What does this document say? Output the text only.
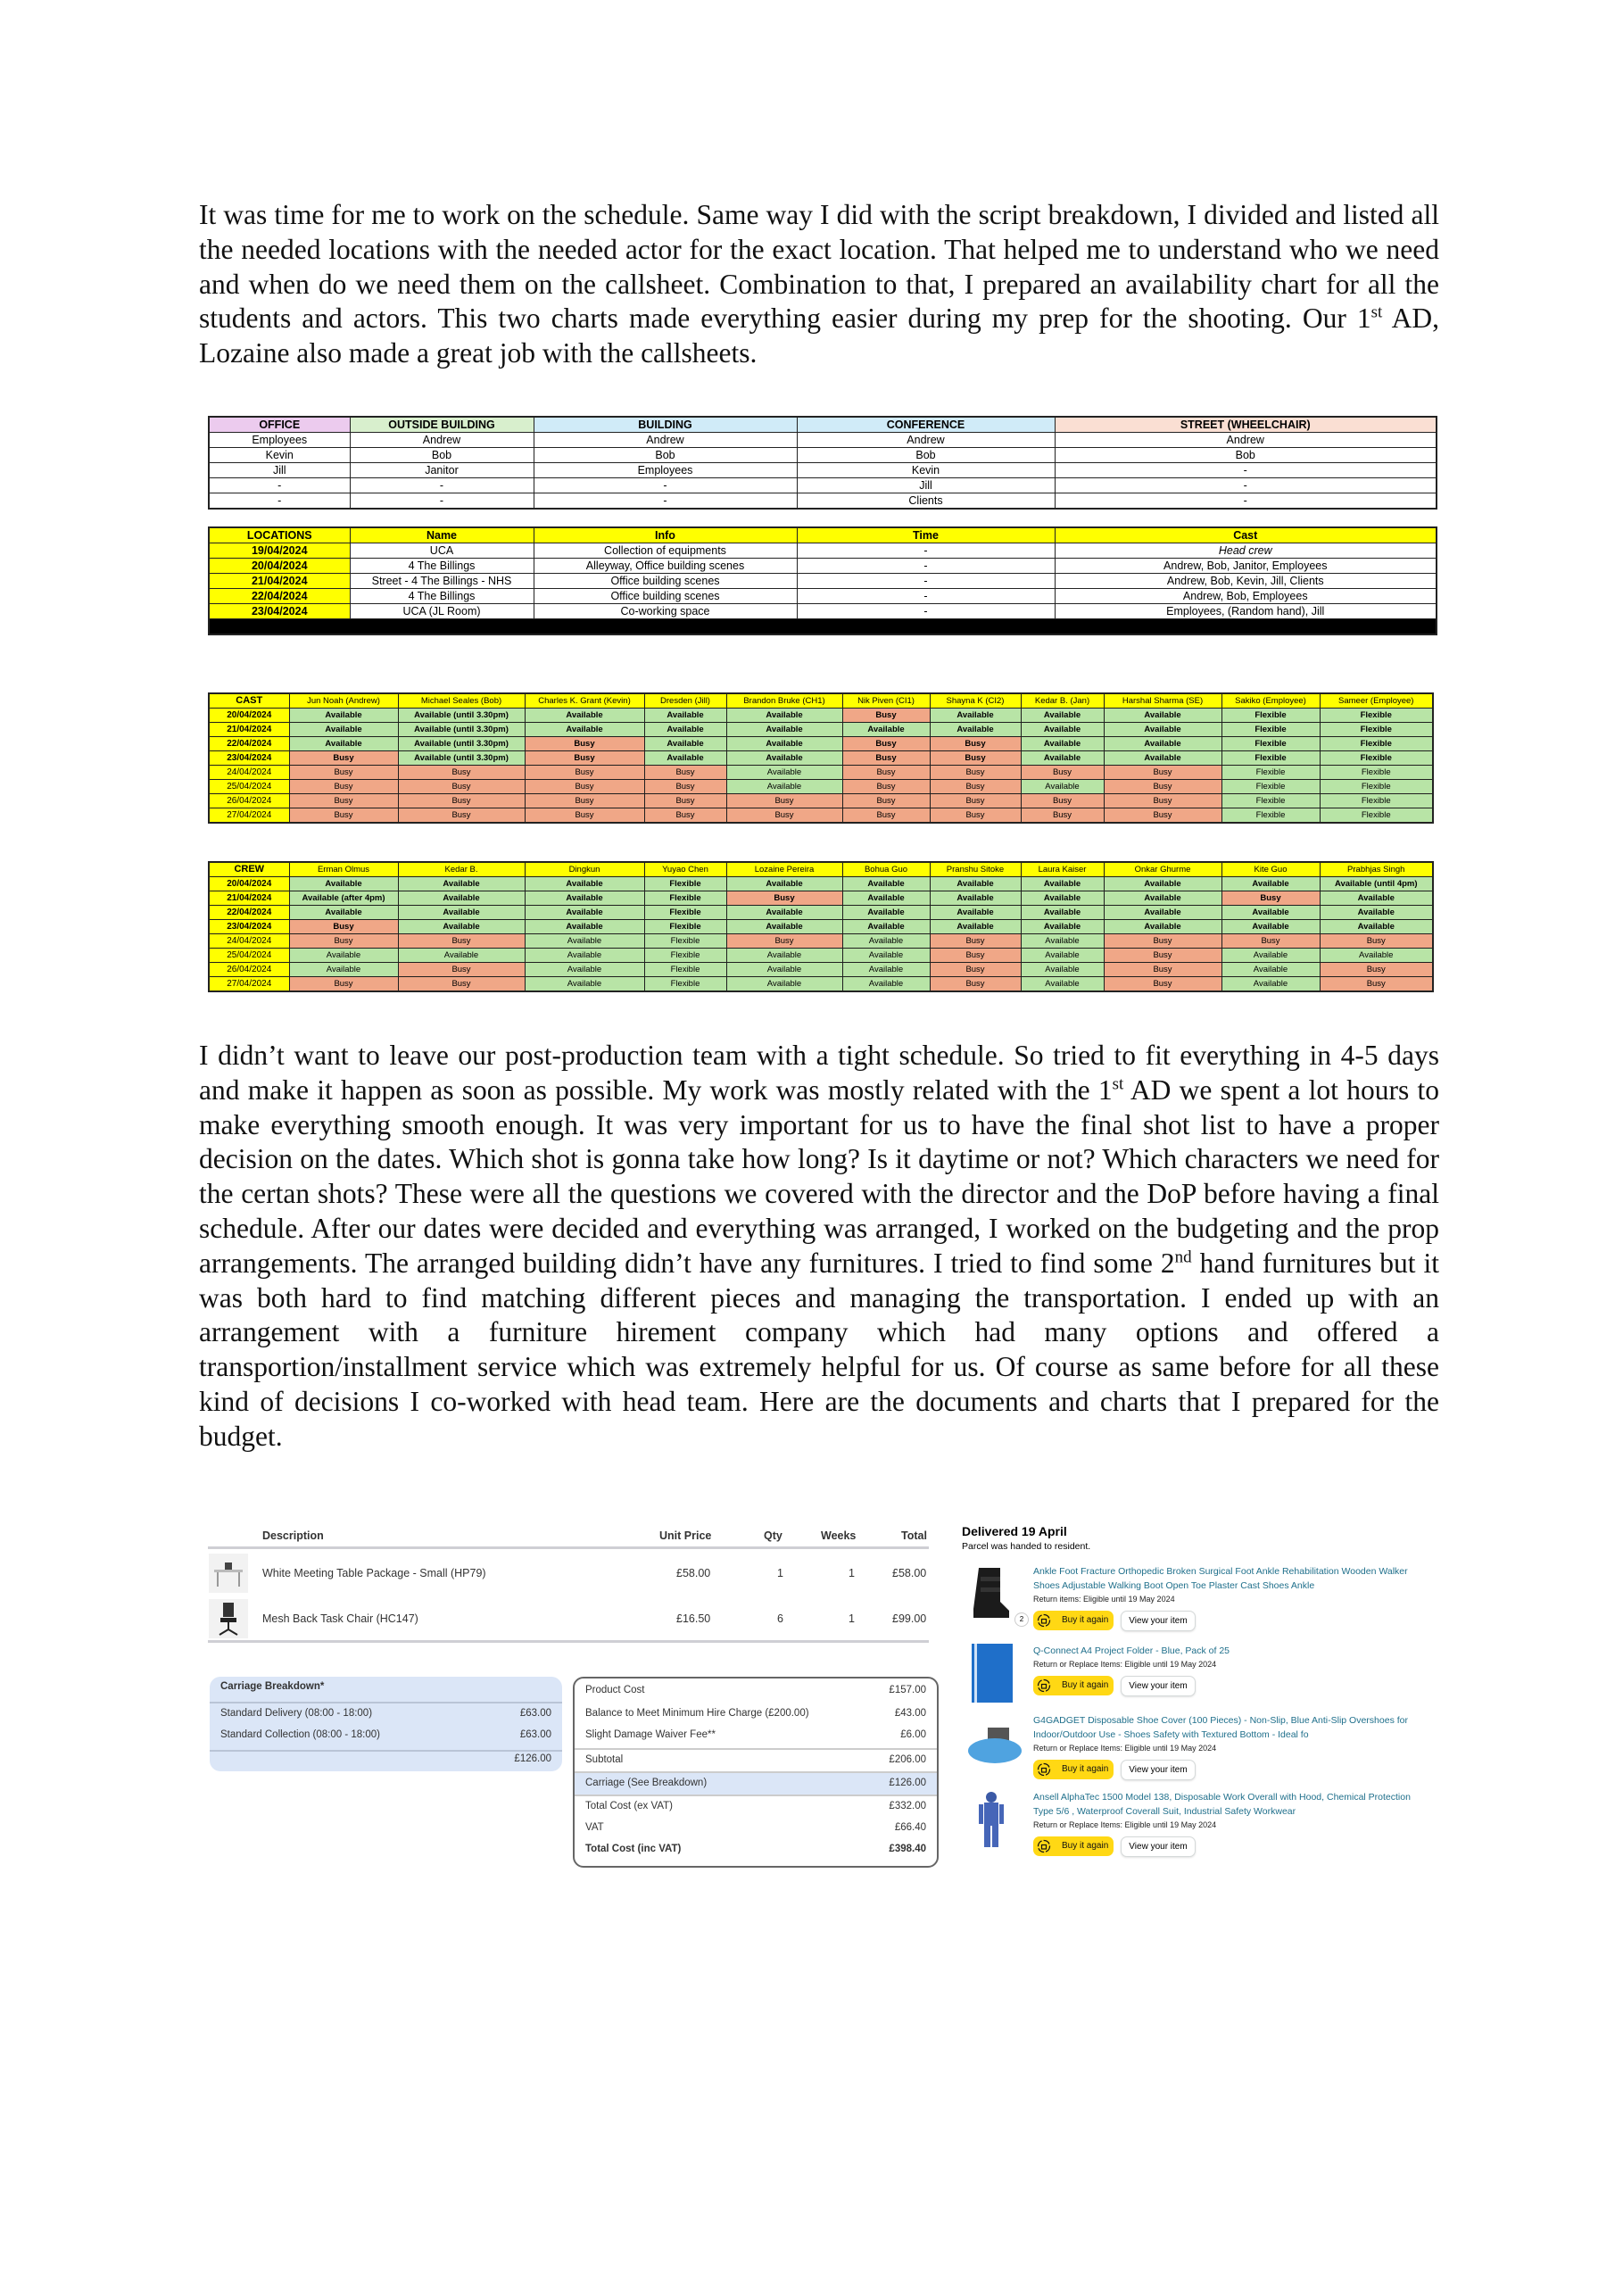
It was time for me to work on the schedule. Same way I did with the script breakdown, I divided and listed all the needed locations with the needed actor for the exact location. That helped me to understand who we need and when do we need them on the callsheet. Combination to that, I prepared an availability chart for all the students and actors. This two charts made everything easier during my prep for the shooting. Our 1st AD, Lozaine also made a great job with the callsheets.
OFFICE	OUTSIDE BUILDING	BUILDING	CONFERENCE	STREET (WHEELCHAIR)
Employees	Andrew	Andrew	Andrew	Andrew
Kevin	Bob	Bob	Bob	Bob
Jill	Janitor	Employees	Kevin	-
-	-	-	Jill	-
-	-	-	Clients	-
LOCATIONS	Name	Info	Time	Cast
19/04/2024	UCA	Collection of equipments	-	Head crew
20/04/2024	4 The Billings	Alleyway, Office building scenes	-	Andrew, Bob, Janitor, Employees
21/04/2024	Street - 4 The Billings - NHS	Office building scenes	-	Andrew, Bob, Kevin, Jill, Clients
22/04/2024	4 The Billings	Office building scenes	-	Andrew, Bob, Employees
23/04/2024	UCA (JL Room)	Co-working space	-	Employees, (Random hand), Jill

CAST	Jun Noah (Andrew)	Michael Seales (Bob)	Charles K. Grant (Kevin)	Dresden (Jill)	Brandon Bruke (CH1)	Nik Piven (CI1)	Shayna K (CI2)	Kedar B. (Jan)	Harshal Sharma (SE)	Sakiko (Employee)	Sameer (Employee)
20/04/2024	Available	Available (until 3.30pm)	Available	Available	Available	Busy	Available	Available	Available	Flexible	Flexible
21/04/2024	Available	Available (until 3.30pm)	Available	Available	Available	Available	Available	Available	Available	Flexible	Flexible
22/04/2024	Available	Available (until 3.30pm)	Busy	Available	Available	Busy	Busy	Available	Available	Flexible	Flexible
23/04/2024	Busy	Available (until 3.30pm)	Busy	Available	Available	Busy	Busy	Available	Available	Flexible	Flexible
24/04/2024	Busy	Busy	Busy	Busy	Available	Busy	Busy	Busy	Busy	Flexible	Flexible
25/04/2024	Busy	Busy	Busy	Busy	Available	Busy	Busy	Available	Busy	Flexible	Flexible
26/04/2024	Busy	Busy	Busy	Busy	Busy	Busy	Busy	Busy	Busy	Flexible	Flexible
27/04/2024	Busy	Busy	Busy	Busy	Busy	Busy	Busy	Busy	Busy	Flexible	Flexible
CREW	Erman Olmus	Kedar B.	Dingkun	Yuyao Chen	Lozaine Pereira	Bohua Guo	Pranshu Sitoke	Laura Kaiser	Onkar Ghurme	Kite Guo	Prabhjas Singh
20/04/2024	Available	Available	Available	Flexible	Available	Available	Available	Available	Available	Available	Available (until 4pm)
21/04/2024	Available (after 4pm)	Available	Available	Flexible	Busy	Available	Available	Available	Available	Busy	Available
22/04/2024	Available	Available	Available	Flexible	Available	Available	Available	Available	Available	Available	Available
23/04/2024	Busy	Available	Available	Flexible	Available	Available	Available	Available	Available	Available	Available
24/04/2024	Busy	Busy	Available	Flexible	Busy	Available	Busy	Available	Busy	Busy	Busy
25/04/2024	Available	Available	Available	Flexible	Available	Available	Busy	Available	Busy	Available	Available
26/04/2024	Available	Busy	Available	Flexible	Available	Available	Busy	Available	Busy	Available	Busy
27/04/2024	Busy	Busy	Available	Flexible	Available	Available	Busy	Available	Busy	Available	Busy
I didn’t want to leave our post-production team with a tight schedule. So tried to fit everything in 4-5 days and make it happen as soon as possible. My work was mostly related with the 1st AD we spent a lot hours to make everything smooth enough. It was very important for us to have the final shot list to have a proper decision on the dates. Which shot is gonna take how long? Is it daytime or not? Which characters we need for the certan shots? These were all the questions we covered with the director and the DoP before having a final schedule. After our dates were decided and everything was arranged, I worked on the budgeting and the prop arrangements. The arranged building didn’t have any furnitures. I tried to find some 2nd hand furnitures but it was both hard to find matching different pieces and managing the transportation. I ended up with an arrangement with a furniture hirement company which had many options and offered a transportion/installment service which was extremely helpful for us. Of course as same before for all these kind of decisions I co-worked with head team. Here are the documents and charts that I prepared for the budget.
Description	Unit Price	Qty	Weeks	Total
White Meeting Table Package - Small (HP79)	£58.00	1	1	£58.00
Mesh Back Task Chair (HC147)	£16.50	6	1	£99.00
Carriage Breakdown*
Standard Delivery (08:00 - 18:00)	£63.00
Standard Collection (08:00 - 18:00)	£63.00
£126.00
Product Cost	£157.00
Balance to Meet Minimum Hire Charge (£200.00)	£43.00
Slight Damage Waiver Fee**	£6.00
Subtotal	£206.00
Carriage (See Breakdown)	£126.00
Total Cost (ex VAT)	£332.00
VAT	£66.40
Total Cost (inc VAT)	£398.40
Delivered 19 April
Parcel was handed to resident.
2
Ankle Foot Fracture Orthopedic Broken Surgical Foot Ankle Rehabilitation Wooden Walker Shoes Adjustable Walking Boot Open Toe Plaster Cast Shoes Ankle
Return items: Eligible until 19 May 2024
Buy it again	View your item
Q-Connect A4 Project Folder - Blue, Pack of 25
Return or Replace Items: Eligible until 19 May 2024
Buy it again	View your item
G4GADGET Disposable Shoe Cover (100 Pieces) - Non-Slip, Blue Anti-Slip Overshoes for Indoor/Outdoor Use - Shoes Safety with Textured Bottom - Ideal fo
Return or Replace Items: Eligible until 19 May 2024
Buy it again	View your item
Ansell AlphaTec 1500 Model 138, Disposable Work Overall with Hood, Chemical Protection Type 5/6 , Waterproof Coverall Suit, Industrial Safety Workwear
Return or Replace Items: Eligible until 19 May 2024
Buy it again	View your item
